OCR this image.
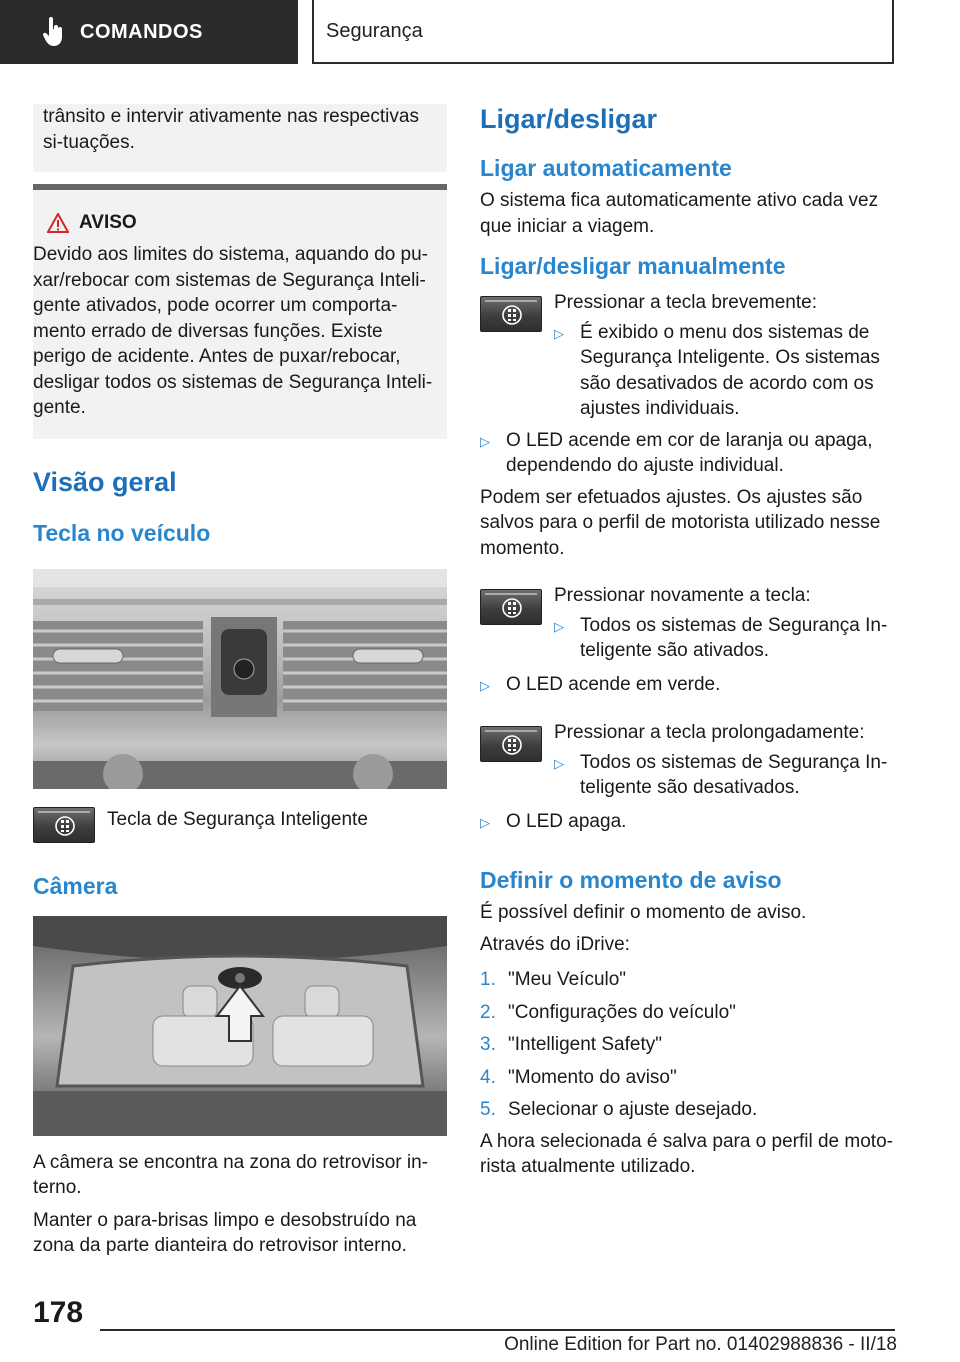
COMANDOS	Segurança

trânsito e intervir ativamente nas respectivas si-tuações.

AVISO

Devido aos limites do sistema, aquando do pu-xar/rebocar com sistemas de Segurança Inteli-gente ativados, pode ocorrer um comporta-mento errado de diversas funções. Existe perigo de acidente. Antes de puxar/rebocar, desligar todos os sistemas de Segurança Inteli-gente.

Visão geral
Tecla no veículo

Tecla de Segurança Inteligente

Câmera

A câmera se encontra na zona do retrovisor in-terno.

Manter o para-brisas limpo e desobstruído na zona da parte dianteira do retrovisor interno.

Ligar/desligar
Ligar automaticamente

O sistema fica automaticamente ativo cada vez que iniciar a viagem.

Ligar/desligar manualmente

Pressionar a tecla brevemente:

▷ É exibido o menu dos sistemas de Segurança Inteligente. Os sistemas são desativados de acordo com os ajustes individuais.
▷ O LED acende em cor de laranja ou apaga, dependendo do ajuste individual.

Podem ser efetuados ajustes. Os ajustes são salvos para o perfil de motorista utilizado nesse momento.

Pressionar novamente a tecla:

▷ Todos os sistemas de Segurança In-teligente são ativados.
▷ O LED acende em verde.

Pressionar a tecla prolongadamente:

▷ Todos os sistemas de Segurança In-teligente são desativados.
▷ O LED apaga.
Definir o momento de aviso

É possível definir o momento de aviso.

Através do iDrive:

1. "Meu Veículo"
2. "Configurações do veículo"
3. "Intelligent Safety"
4. "Momento do aviso"
5. Selecionar o ajuste desejado.

A hora selecionada é salva para o perfil de moto-rista atualmente utilizado.

178
Online Edition for Part no. 01402988836 - II/18
